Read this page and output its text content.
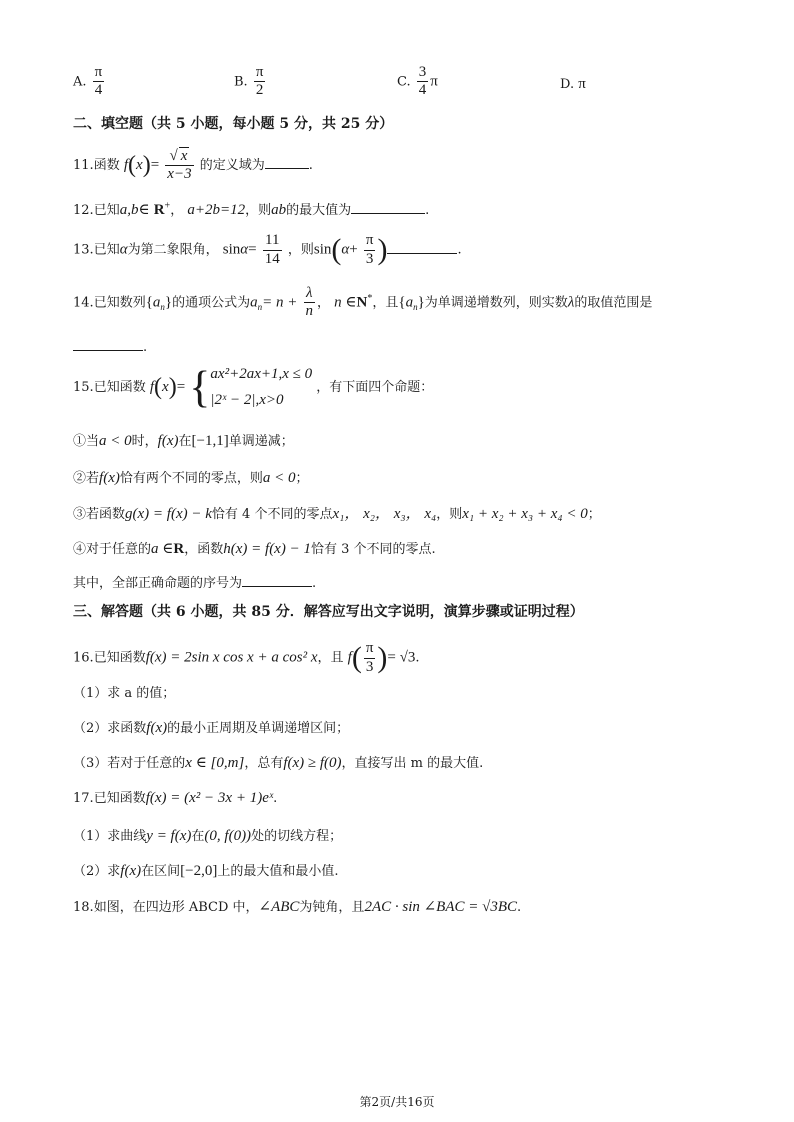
A. $\frac{\pi}{4}$	B. $\frac{\pi}{2}$	C. $\frac{3}{4}$ π	D. π
二、填空题（共 5 小题，每小题 5 分，共 25 分）
11.函数 $f(x)= \frac{√ x}{x-3}$ 的定义域为	.
12.已知a,b∈ R+， a+2b=12，则ab的最大值为	.
13.已知α为第二象限角， $\sin\alpha= \frac{11}{14}$ ，则$\sin(\alpha+ \frac{\pi}{3}$ )	.
14.已知数列$\{a_n\}$的通项公式为$a_n= n + \frac{\lambda}{n}$ ， n ∈N*，且$\{a_n\}$为单调递增数列，则实数λ的取值范围是
.
15.已知函数 f(x)= { ax²+2ax+1,x ≤ 0
|2ˣ − 2|,x>0
，有下面四个命题：
①当a < 0时，f(x)在[−1,1]单调递减；
②若f(x)恰有两个不同的零点，则a < 0；
③若函数g(x) = f(x) − k恰有 4 个不同的零点x₁， x₂， x₃， x₄，则x₁ + x₂ + x₃ + x₄ < 0；
④对于任意的a ∈R，函数h(x) = f(x) − 1恰有 3 个不同的零点.
其中，全部正确命题的序号为	.
三、解答题（共 6 小题，共 85 分．解答应写出文字说明，演算步骤或证明过程）
16.已知函数f(x) = 2sin x cos x + a cos² x，且 $f( \frac{\pi}{3}$ )= √3.
（1）求 a 的值；
（2）求函数f(x)的最小正周期及单调递增区间；
（3）若对于任意的x ∈ [0,m]，总有f(x) ≥ f(0)，直接写出 m 的最大值.
17.已知函数f(x) = (x² − 3x + 1)eˣ.
（1）求曲线y = f(x)在(0, f(0))处的切线方程；
（2）求f(x)在区间[−2,0]上的最大值和最小值.
18.如图，在四边形 ABCD 中，∠ABC为钝角，且2AC · sin ∠BAC = √3BC.
第2页/共16页
